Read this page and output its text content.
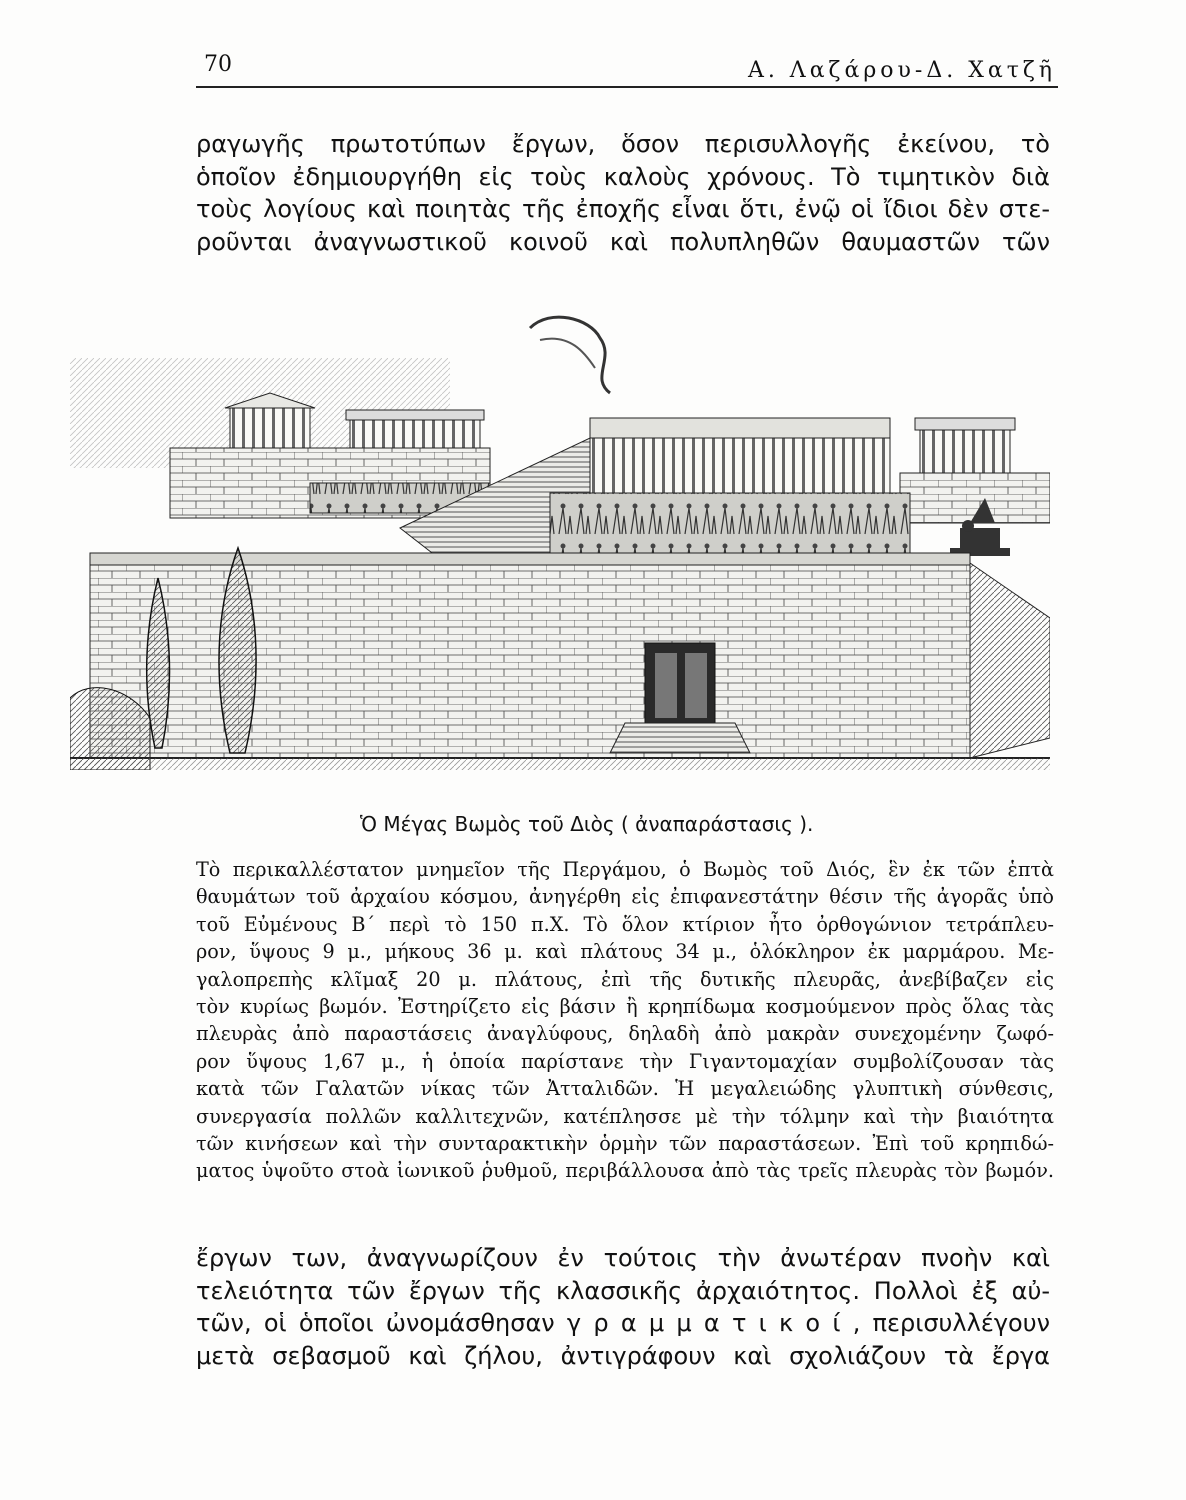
70	Α. Λαζάρου-Δ. Χατζῆ
ραγωγῆς πρωτοτύπων ἔργων, ὅσον περισυλλογῆς ἐκείνου, τὸ
ὁποῖον ἐδημιουργήθη εἰς τοὺς καλοὺς χρόνους. Τὸ τιμητικὸν διὰ
τοὺς λογίους καὶ ποιητὰς τῆς ἐποχῆς εἶναι ὅτι, ἐνῷ οἱ ἴδιοι δὲν στε-
ροῦνται ἀναγνωστικοῦ κοινοῦ καὶ πολυπληθῶν θαυμαστῶν τῶν
Ὁ Μέγας Βωμὸς τοῦ Διὸς ( ἀναπαράστασις ).
Τὸ περικαλλέστατον μνημεῖον τῆς Περγάμου, ὁ Βωμὸς τοῦ Διός, ἓν ἐκ τῶν ἑπτὰ
θαυμάτων τοῦ ἀρχαίου κόσμου, ἀνηγέρθη εἰς ἐπιφανεστάτην θέσιν τῆς ἀγορᾶς ὑπὸ
τοῦ Εὐμένους Β΄ περὶ τὸ 150 π.Χ. Τὸ ὅλον κτίριον ἦτο ὀρθογώνιον τετράπλευ-
ρον, ὕψους 9 μ., μήκους 36 μ. καὶ πλάτους 34 μ., ὁλόκληρον ἐκ μαρμάρου. Με-
γαλοπρεπὴς κλῖμαξ 20 μ. πλάτους, ἐπὶ τῆς δυτικῆς πλευρᾶς, ἀνεβίβαζεν εἰς
τὸν κυρίως βωμόν. Ἐστηρίζετο εἰς βάσιν ἢ κρηπίδωμα κοσμούμενον πρὸς ὅλας τὰς
πλευρὰς ἀπὸ παραστάσεις ἀναγλύφους, δηλαδὴ ἀπὸ μακρὰν συνεχομένην ζωφό-
ρον ὕψους 1,67 μ., ἡ ὁποία παρίστανε τὴν Γιγαντομαχίαν συμβολίζουσαν τὰς
κατὰ τῶν Γαλατῶν νίκας τῶν Ἀτταλιδῶν. Ἡ μεγαλειώδης γλυπτικὴ σύνθεσις,
συνεργασία πολλῶν καλλιτεχνῶν, κατέπλησσε μὲ τὴν τόλμην καὶ τὴν βιαιότητα
τῶν κινήσεων καὶ τὴν συνταρακτικὴν ὁρμὴν τῶν παραστάσεων. Ἐπὶ τοῦ κρηπιδώ-
ματος ὑψοῦτο στοὰ ἰωνικοῦ ῥυθμοῦ, περιβάλλουσα ἀπὸ τὰς τρεῖς πλευρὰς τὸν βωμόν.
ἔργων των, ἀναγνωρίζουν ἐν τούτοις τὴν ἀνωτέραν πνοὴν καὶ
τελειότητα τῶν ἔργων τῆς κλασσικῆς ἀρχαιότητος. Πολλοὶ ἐξ αὐ-
τῶν, οἱ ὁποῖοι ὠνομάσθησαν γ ρ α μ μ α τ ι κ ο ί , περισυλλέγουν
μετὰ σεβασμοῦ καὶ ζήλου, ἀντιγράφουν καὶ σχολιάζουν τὰ ἔργα
